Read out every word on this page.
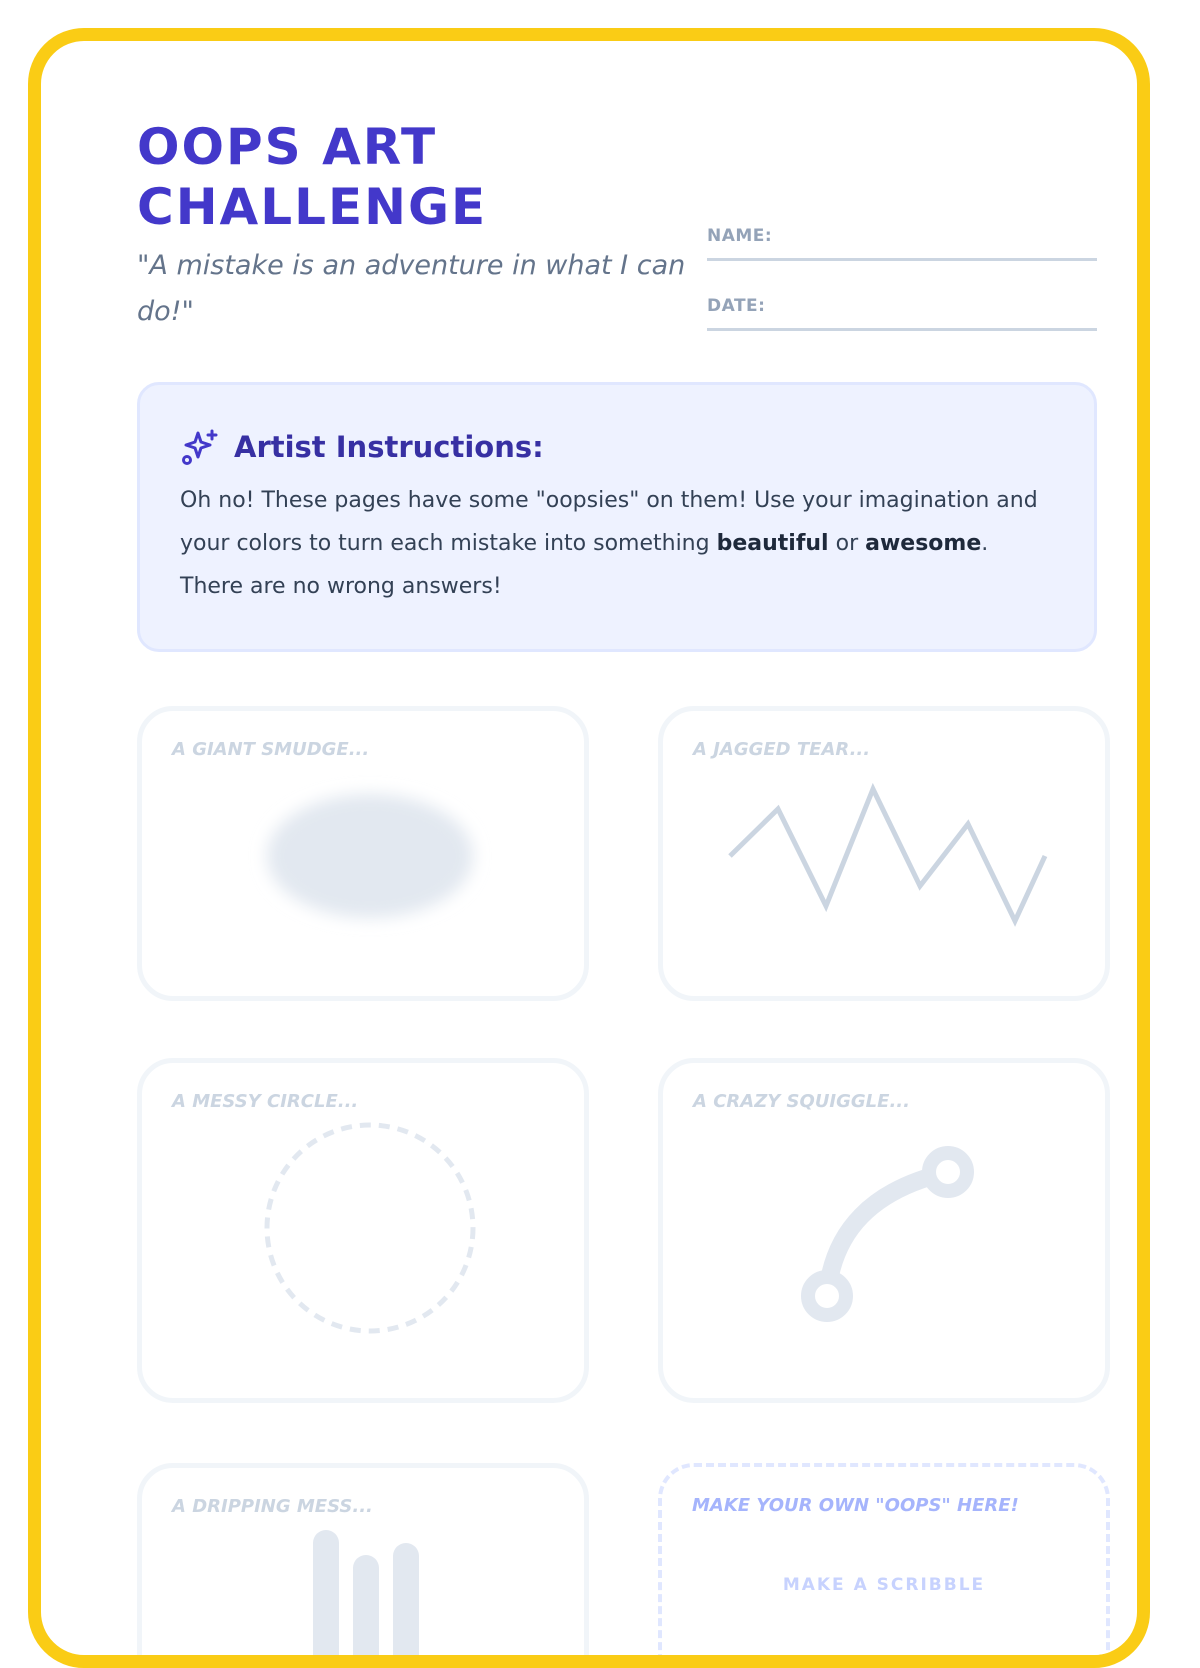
OOPS ART CHALLENGE
"A mistake is an adventure in what I can do!"
NAME:
DATE:
Artist Instructions:
Oh no! These pages have some "oopsies" on them! Use your imagination and your colors to turn each mistake into something beautiful or awesome. There are no wrong answers!
A GIANT SMUDGE...	A JAGGED TEAR...
A MESSY CIRCLE...	A CRAZY SQUIGGLE...
A DRIPPING MESS...	MAKE YOUR OWN "OOPS" HERE!
MAKE A SCRIBBLE
